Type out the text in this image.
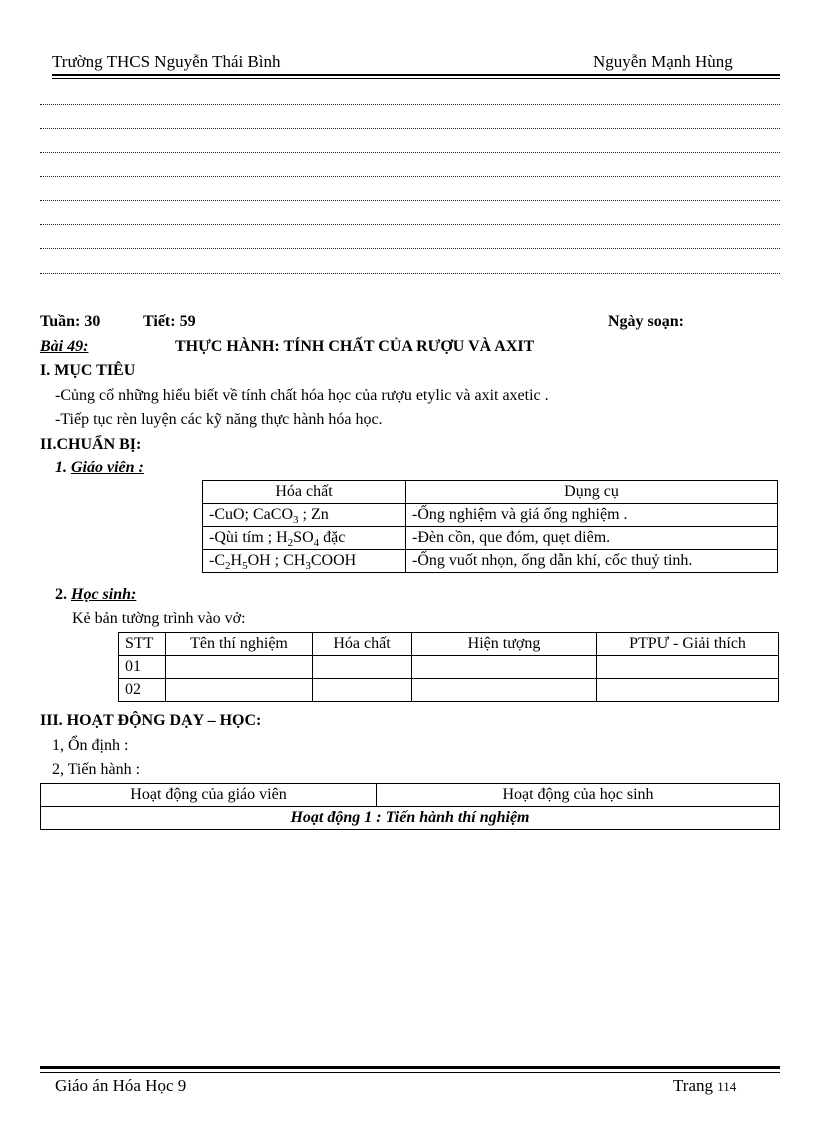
Trường THCS Nguyễn Thái Bình	Nguyễn Mạnh Hùng
Tuần: 30	Tiết: 59	Ngày soạn:
Bài 49:	THỰC HÀNH: TÍNH CHẤT CỦA RƯỢU VÀ AXIT
I. MỤC TIÊU
-Củng cố những hiểu biết về tính chất hóa học của rượu etylic và axit axetic .
-Tiếp tục rèn luyện các kỹ năng thực hành hóa học.
II.CHUẨN BỊ:
1. Giáo viên :
Hóa chất	Dụng cụ
-CuO; CaCO$_3$ ; Zn	-Ống nghiệm và giá ống nghiệm .
-Qùi tím ; $H_2SO_4$ đặc	-Đèn cồn, que đóm, quẹt diêm.
$-C_2H_5OH$ ; $CH_3COOH$	-Ống vuốt nhọn, ống dẫn khí, cốc thuỷ tinh.
2. Học sinh:
Kẻ bản tường trình vào vở:
STT	Tên thí nghiệm	Hóa chất	Hiện tượng	PTPƯ - Giải thích
01				
02				
III. HOẠT ĐỘNG DẠY – HỌC:
1, Ổn định :
2, Tiến hành :
Hoạt động của giáo viên	Hoạt động của học sinh
Hoạt động 1 : Tiến hành thí nghiệm
Giáo án Hóa Học 9	Trang 114
